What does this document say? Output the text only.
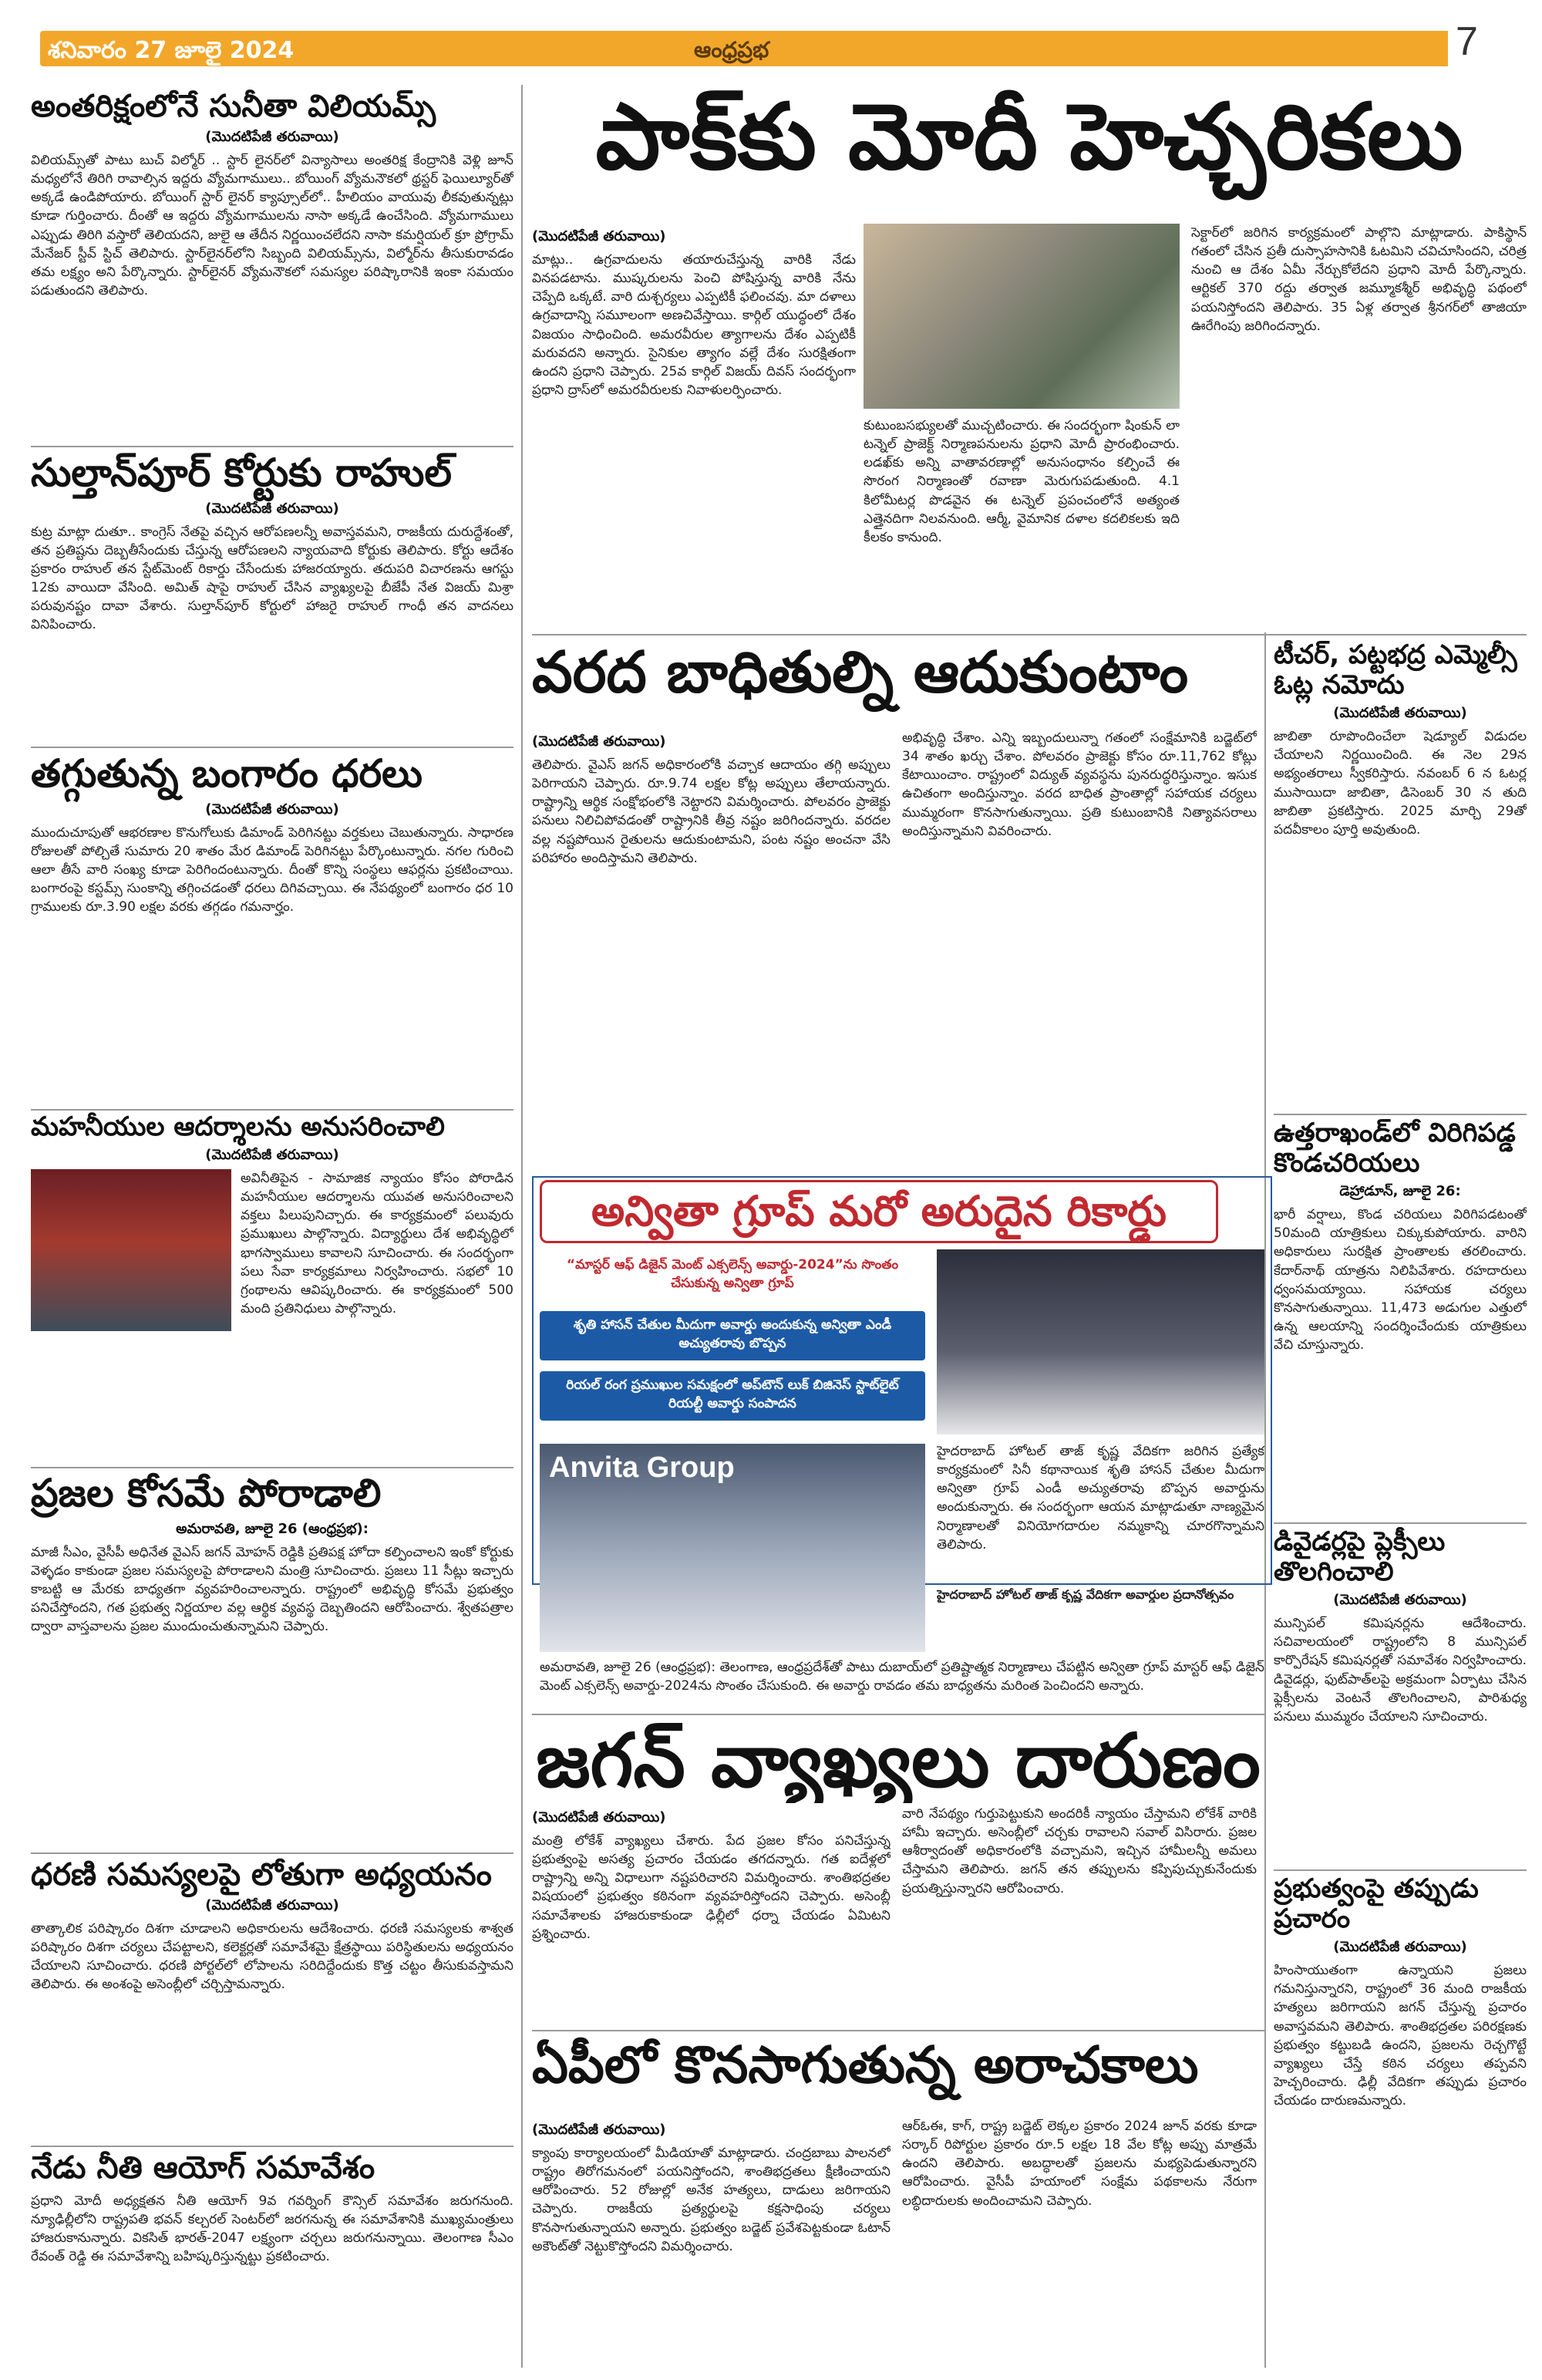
శనివారం 27 జూలై 2024	ఆంధ్రప్రభ	7
అంతరిక్షంలోనే సునీతా విలియమ్స్
(మొదటిపేజీ తరువాయి)
విలియమ్స్‌తో పాటు బుచ్ విల్మోర్ .. స్టార్ లైనర్‌లో విన్యాసాలు అంతరిక్ష కేంద్రానికి వెళ్లి జూన్ మధ్యలోనే తిరిగి రావాల్సిన ఇద్దరు వ్యోమగాములు.. బోయింగ్ వ్యోమనౌకలో థ్రస్టర్ ఫెయిల్యూర్‌తో అక్కడే ఉండిపోయారు. బోయింగ్ స్టార్ లైనర్ క్యాప్సూల్‌లో.. హీలియం వాయువు లీకవుతున్నట్లు కూడా గుర్తించారు. దీంతో ఆ ఇద్దరు వ్యోమగాములను నాసా అక్కడే ఉంచేసింది. వ్యోమగాములు ఎప్పుడు తిరిగి వస్తారో తెలియదని, జులై ఆ తేదీన నిర్ణయించలేదని నాసా కమర్షియల్ క్రూ ప్రోగ్రామ్ మేనేజర్ స్టీవ్ స్టిచ్ తెలిపారు. స్టార్‌లైనర్‌లోని సిబ్బంది విలియమ్స్‌ను, విల్మోర్‌ను తీసుకురావడం తమ లక్ష్యం అని పేర్కొన్నారు. స్టార్‌లైనర్ వ్యోమనౌకలో సమస్యల పరిష్కారానికి ఇంకా సమయం పడుతుందని తెలిపారు.
సుల్తాన్‌పూర్ కోర్టుకు రాహుల్
(మొదటిపేజీ తరువాయి)
కుట్ర మాట్లా దుతూ.. కాంగ్రెస్ నేతపై వచ్చిన ఆరోపణలన్నీ అవాస్తవమని, రాజకీయ దురుద్దేశంతో, తన ప్రతిష్టను దెబ్బతీసేందుకు చేస్తున్న ఆరోపణలని న్యాయవాది కోర్టుకు తెలిపారు. కోర్టు ఆదేశం ప్రకారం రాహుల్ తన స్టేట్‌మెంట్ రికార్డు చేసేందుకు హాజరయ్యారు. తదుపరి విచారణను ఆగస్టు 12కు వాయిదా వేసింది. అమిత్ షాపై రాహుల్ చేసిన వ్యాఖ్యలపై బీజేపీ నేత విజయ్ మిశ్రా పరువునష్టం దావా వేశారు. సుల్తాన్‌పూర్ కోర్టులో హాజరై రాహుల్ గాంధీ తన వాదనలు వినిపించారు.
తగ్గుతున్న బంగారం ధరలు
(మొదటిపేజీ తరువాయి)
ముందుచూపుతో ఆభరణాల కొనుగోలుకు డిమాండ్ పెరిగినట్టు వర్తకులు చెబుతున్నారు. సాధారణ రోజులతో పోల్చితే సుమారు 20 శాతం మేర డిమాండ్ పెరిగినట్టు పేర్కొంటున్నారు. నగల గురించి ఆలా తీసే వారి సంఖ్య కూడా పెరిగిందంటున్నారు. దీంతో కొన్ని సంస్థలు ఆఫర్లను ప్రకటించాయి. బంగారంపై కస్టమ్స్ సుంకాన్ని తగ్గించడంతో ధరలు దిగివచ్చాయి. ఈ నేపథ్యంలో బంగారం ధర 10 గ్రాములకు రూ.3.90 లక్షల వరకు తగ్గడం గమనార్హం.
మహనీయుల ఆదర్శాలను అనుసరించాలి
(మొదటిపేజీ తరువాయి)
అవినీతిపైన - సామాజిక న్యాయం కోసం పోరాడిన మహనీయుల ఆదర్శాలను యువత అనుసరించాలని వక్తలు పిలుపునిచ్చారు. ఈ కార్యక్రమంలో పలువురు ప్రముఖులు పాల్గొన్నారు. విద్యార్థులు దేశ అభివృద్ధిలో భాగస్వాములు కావాలని సూచించారు. ఈ సందర్భంగా పలు సేవా కార్యక్రమాలు నిర్వహించారు. సభలో 10 గ్రంథాలను ఆవిష్కరించారు. ఈ కార్యక్రమంలో 500 మంది ప్రతినిధులు పాల్గొన్నారు.
ప్రజల కోసమే పోరాడాలి
అమరావతి, జూలై 26 (ఆంధ్రప్రభ):
మాజీ సీఎం, వైసీపీ అధినేత వైఎస్ జగన్ మోహన్ రెడ్డికి ప్రతిపక్ష హోదా కల్పించాలని ఇంకో కోర్టుకు వెళ్ళడం కాకుండా ప్రజల సమస్యలపై పోరాడాలని మంత్రి సూచించారు. ప్రజలు 11 సీట్లు ఇచ్చారు కాబట్టి ఆ మేరకు బాధ్యతగా వ్యవహరించాలన్నారు. రాష్ట్రంలో అభివృద్ధి కోసమే ప్రభుత్వం పనిచేస్తోందని, గత ప్రభుత్వ నిర్ణయాల వల్ల ఆర్థిక వ్యవస్థ దెబ్బతిందని ఆరోపించారు. శ్వేతపత్రాల ద్వారా వాస్తవాలను ప్రజల ముందుంచుతున్నామని చెప్పారు.
ధరణి సమస్యలపై లోతుగా అధ్యయనం
(మొదటిపేజీ తరువాయి)
తాత్కాలిక పరిష్కారం దిశగా చూడాలని అధికారులను ఆదేశించారు. ధరణి సమస్యలకు శాశ్వత పరిష్కారం దిశగా చర్యలు చేపట్టాలని, కలెక్టర్లతో సమావేశమై క్షేత్రస్థాయి పరిస్థితులను అధ్యయనం చేయాలని సూచించారు. ధరణి పోర్టల్‌లో లోపాలను సరిదిద్దేందుకు కొత్త చట్టం తీసుకువస్తామని తెలిపారు. ఈ అంశంపై అసెంబ్లీలో చర్చిస్తామన్నారు.
నేడు నీతి ఆయోగ్ సమావేశం
ప్రధాని మోదీ అధ్యక్షతన నీతి ఆయోగ్ 9వ గవర్నింగ్ కౌన్సిల్ సమావేశం జరుగనుంది. న్యూఢిల్లీలోని రాష్ట్రపతి భవన్ కల్చరల్ సెంటర్‌లో జరగనున్న ఈ సమావేశానికి ముఖ్యమంత్రులు హాజరుకానున్నారు. వికసిత్ భారత్-2047 లక్ష్యంగా చర్చలు జరుగనున్నాయి. తెలంగాణ సీఎం రేవంత్ రెడ్డి ఈ సమావేశాన్ని బహిష్కరిస్తున్నట్టు ప్రకటించారు.
పాక్‌కు మోదీ హెచ్చరికలు
(మొదటిపేజీ తరువాయి)
మాట్లు.. ఉగ్రవాదులను తయారుచేస్తున్న వారికి నేడు వినపడటాను. ముష్కరులను పెంచి పోషిస్తున్న వారికి నేను చెప్పేది ఒక్కటే. వారి దుశ్చర్యలు ఎప్పటికీ ఫలించవు. మా దళాలు ఉగ్రవాదాన్ని సమూలంగా అణచివేస్తాయి. కార్గిల్ యుద్ధంలో దేశం విజయం సాధించింది. అమరవీరుల త్యాగాలను దేశం ఎప్పటికీ మరువదని అన్నారు. సైనికుల త్యాగం వల్లే దేశం సురక్షితంగా ఉందని ప్రధాని చెప్పారు. 25వ కార్గిల్ విజయ్ దివస్ సందర్భంగా ప్రధాని ద్రాస్‌లో అమరవీరులకు నివాళులర్పించారు.
కుటుంబసభ్యులతో ముచ్చటించారు. ఈ సందర్భంగా షింకున్ లా టన్నెల్ ప్రాజెక్ట్ నిర్మాణపనులను ప్రధాని మోదీ ప్రారంభించారు. లడఖ్‌కు అన్ని వాతావరణాల్లో అనుసంధానం కల్పించే ఈ సొరంగ నిర్మాణంతో రవాణా మెరుగుపడుతుంది. 4.1 కిలోమీటర్ల పొడవైన ఈ టన్నెల్ ప్రపంచంలోనే అత్యంత ఎత్తైనదిగా నిలవనుంది. ఆర్మీ, వైమానిక దళాల కదలికలకు ఇది కీలకం కానుంది.
సెక్టార్‌లో జరిగిన కార్యక్రమంలో పాల్గొని మాట్లాడారు. పాకిస్థాన్ గతంలో చేసిన ప్రతీ దుస్సాహసానికి ఓటమిని చవిచూసిందని, చరిత్ర నుంచి ఆ దేశం ఏమీ నేర్చుకోలేదని ప్రధాని మోదీ పేర్కొన్నారు. ఆర్టికల్ 370 రద్దు తర్వాత జమ్మూకశ్మీర్ అభివృద్ధి పథంలో పయనిస్తోందని తెలిపారు. 35 ఏళ్ల తర్వాత శ్రీనగర్‌లో తాజియా ఊరేగింపు జరిగిందన్నారు.
వరద బాధితుల్ని ఆదుకుంటాం
(మొదటిపేజీ తరువాయి)
తెలిపారు. వైఎస్ జగన్ అధికారంలోకి వచ్చాక ఆదాయం తగ్గి అప్పులు పెరిగాయని చెప్పారు. రూ.9.74 లక్షల కోట్ల అప్పులు తేలాయన్నారు. రాష్ట్రాన్ని ఆర్థిక సంక్షోభంలోకి నెట్టారని విమర్శించారు. పోలవరం ప్రాజెక్టు పనులు నిలిచిపోవడంతో రాష్ట్రానికి తీవ్ర నష్టం జరిగిందన్నారు. వరదల వల్ల నష్టపోయిన రైతులను ఆదుకుంటామని, పంట నష్టం అంచనా వేసి పరిహారం అందిస్తామని తెలిపారు.
అభివృద్ధి చేశాం. ఎన్ని ఇబ్బందులున్నా గతంలో సంక్షేమానికి బడ్జెట్‌లో 34 శాతం ఖర్చు చేశాం. పోలవరం ప్రాజెక్టు కోసం రూ.11,762 కోట్లు కేటాయించాం. రాష్ట్రంలో విద్యుత్ వ్యవస్థను పునరుద్ధరిస్తున్నాం. ఇసుక ఉచితంగా అందిస్తున్నాం. వరద బాధిత ప్రాంతాల్లో సహాయక చర్యలు ముమ్మరంగా కొనసాగుతున్నాయి. ప్రతి కుటుంబానికి నిత్యావసరాలు అందిస్తున్నామని వివరించారు.
అన్వితా గ్రూప్ మరో అరుదైన రికార్డు
“మాస్టర్ ఆఫ్ డిజైన్ మెంట్ ఎక్సలెన్స్ అవార్డు-2024”ను సొంతం చేసుకున్న అన్వితా గ్రూప్
శృతి హాసన్ చేతుల మీదుగా అవార్డు అందుకున్న అన్వితా ఎండీ అచ్యుతరావు బొప్పన
రియల్ రంగ ప్రముఖుల సమక్షంలో అప్‌టౌన్ లుక్ బిజినెస్ స్టాట్‌లైట్ రియల్టీ అవార్డు సంపాదన
Anvita Group	హైదరాబాద్ హోటల్ తాజ్ కృష్ణ వేదికగా జరిగిన ప్రత్యేక కార్యక్రమంలో సినీ కథానాయిక శృతి హాసన్ చేతుల మీదుగా అన్వితా గ్రూప్ ఎండీ అచ్యుతరావు బొప్పన అవార్డును అందుకున్నారు. ఈ సందర్భంగా ఆయన మాట్లాడుతూ నాణ్యమైన నిర్మాణాలతో వినియోగదారుల నమ్మకాన్ని చూరగొన్నామని తెలిపారు.
హైదరాబాద్ హోటల్ తాజ్ కృష్ణ వేదికగా అవార్డుల ప్రదానోత్సవం
అమరావతి, జూలై 26 (ఆంధ్రప్రభ): తెలంగాణ, ఆంధ్రప్రదేశ్‌తో పాటు దుబాయ్‌లో ప్రతిష్టాత్మక నిర్మాణాలు చేపట్టిన అన్వితా గ్రూప్ మాస్టర్ ఆఫ్ డిజైన్ మెంట్ ఎక్సలెన్స్ అవార్డు-2024ను సొంతం చేసుకుంది. ఈ అవార్డు రావడం తమ బాధ్యతను మరింత పెంచిందని అన్నారు.
జగన్ వ్యాఖ్యలు దారుణం
(మొదటిపేజీ తరువాయి)
మంత్రి లోకేశ్ వ్యాఖ్యలు చేశారు. పేద ప్రజల కోసం పనిచేస్తున్న ప్రభుత్వంపై అసత్య ప్రచారం చేయడం తగదన్నారు. గత ఐదేళ్లలో రాష్ట్రాన్ని అన్ని విధాలుగా నష్టపరిచారని విమర్శించారు. శాంతిభద్రతల విషయంలో ప్రభుత్వం కఠినంగా వ్యవహరిస్తోందని చెప్పారు. అసెంబ్లీ సమావేశాలకు హాజరుకాకుండా ఢిల్లీలో ధర్నా చేయడం ఏమిటని ప్రశ్నించారు.
వారి నేపథ్యం గుర్తుపెట్టుకుని అందరికీ న్యాయం చేస్తామని లోకేశ్ వారికి హామీ ఇచ్చారు. అసెంబ్లీలో చర్చకు రావాలని సవాల్ విసిరారు. ప్రజల ఆశీర్వాదంతో అధికారంలోకి వచ్చామని, ఇచ్చిన హామీలన్నీ అమలు చేస్తామని తెలిపారు. జగన్ తన తప్పులను కప్పిపుచ్చుకునేందుకు ప్రయత్నిస్తున్నారని ఆరోపించారు.
ఏపీలో కొనసాగుతున్న అరాచకాలు
(మొదటిపేజీ తరువాయి)
క్యాంపు కార్యాలయంలో మీడియాతో మాట్లాడారు. చంద్రబాబు పాలనలో రాష్ట్రం తిరోగమనంలో పయనిస్తోందని, శాంతిభద్రతలు క్షీణించాయని ఆరోపించారు. 52 రోజుల్లో అనేక హత్యలు, దాడులు జరిగాయని చెప్పారు. రాజకీయ ప్రత్యర్థులపై కక్షసాధింపు చర్యలు కొనసాగుతున్నాయని అన్నారు. ప్రభుత్వం బడ్జెట్ ప్రవేశపెట్టకుండా ఓటాన్ అకౌంట్‌తో నెట్టుకొస్తోందని విమర్శించారు.
ఆర్ఓఈ, కాగ్, రాష్ట్ర బడ్జెట్ లెక్కల ప్రకారం 2024 జూన్ వరకు కూడా సర్కార్ రిపోర్టుల ప్రకారం రూ.5 లక్షల 18 వేల కోట్ల అప్పు మాత్రమే ఉందని తెలిపారు. అబద్ధాలతో ప్రజలను మభ్యపెడుతున్నారని ఆరోపించారు. వైసీపీ హయాంలో సంక్షేమ పథకాలను నేరుగా లబ్ధిదారులకు అందించామని చెప్పారు.
టీచర్, పట్టభద్ర ఎమ్మెల్సీ ఓట్ల నమోదు
(మొదటిపేజీ తరువాయి)
జాబితా రూపొందించేలా షెడ్యూల్ విడుదల చేయాలని నిర్ణయించింది. ఈ నెల 29న అభ్యంతరాలు స్వీకరిస్తారు. నవంబర్ 6 న ఓటర్ల ముసాయిదా జాబితా, డిసెంబర్ 30 న తుది జాబితా ప్రకటిస్తారు. 2025 మార్చి 29తో పదవీకాలం పూర్తి అవుతుంది.
ఉత్తరాఖండ్‌లో విరిగిపడ్డ కొండచరియలు
డెహ్రాడూన్, జూలై 26:
భారీ వర్షాలు, కొండ చరియలు విరిగిపడటంతో 50మంది యాత్రికులు చిక్కుకుపోయారు. వారిని అధికారులు సురక్షిత ప్రాంతాలకు తరలించారు. కేదార్‌నాథ్ యాత్రను నిలిపివేశారు. రహదారులు ధ్వంసమయ్యాయి. సహాయక చర్యలు కొనసాగుతున్నాయి. 11,473 అడుగుల ఎత్తులో ఉన్న ఆలయాన్ని సందర్శించేందుకు యాత్రికులు వేచి చూస్తున్నారు.
డివైడర్లపై ప్లెక్సీలు తొలగించాలి
(మొదటిపేజీ తరువాయి)
మున్సిపల్ కమిషనర్లను ఆదేశించారు. సచివాలయంలో రాష్ట్రంలోని 8 మున్సిపల్ కార్పొరేషన్ కమిషనర్లతో సమావేశం నిర్వహించారు. డివైడర్లు, ఫుట్‌పాత్‌లపై అక్రమంగా ఏర్పాటు చేసిన ఫ్లెక్సీలను వెంటనే తొలగించాలని, పారిశుధ్య పనులు ముమ్మరం చేయాలని సూచించారు.
ప్రభుత్వంపై తప్పుడు ప్రచారం
(మొదటిపేజీ తరువాయి)
హింసాయుతంగా ఉన్నాయని ప్రజలు గమనిస్తున్నారని, రాష్ట్రంలో 36 మంది రాజకీయ హత్యలు జరిగాయని జగన్ చేస్తున్న ప్రచారం అవాస్తవమని తెలిపారు. శాంతిభద్రతల పరిరక్షణకు ప్రభుత్వం కట్టుబడి ఉందని, ప్రజలను రెచ్చగొట్టే వ్యాఖ్యలు చేస్తే కఠిన చర్యలు తప్పవని హెచ్చరించారు. ఢిల్లీ వేదికగా తప్పుడు ప్రచారం చేయడం దారుణమన్నారు.
